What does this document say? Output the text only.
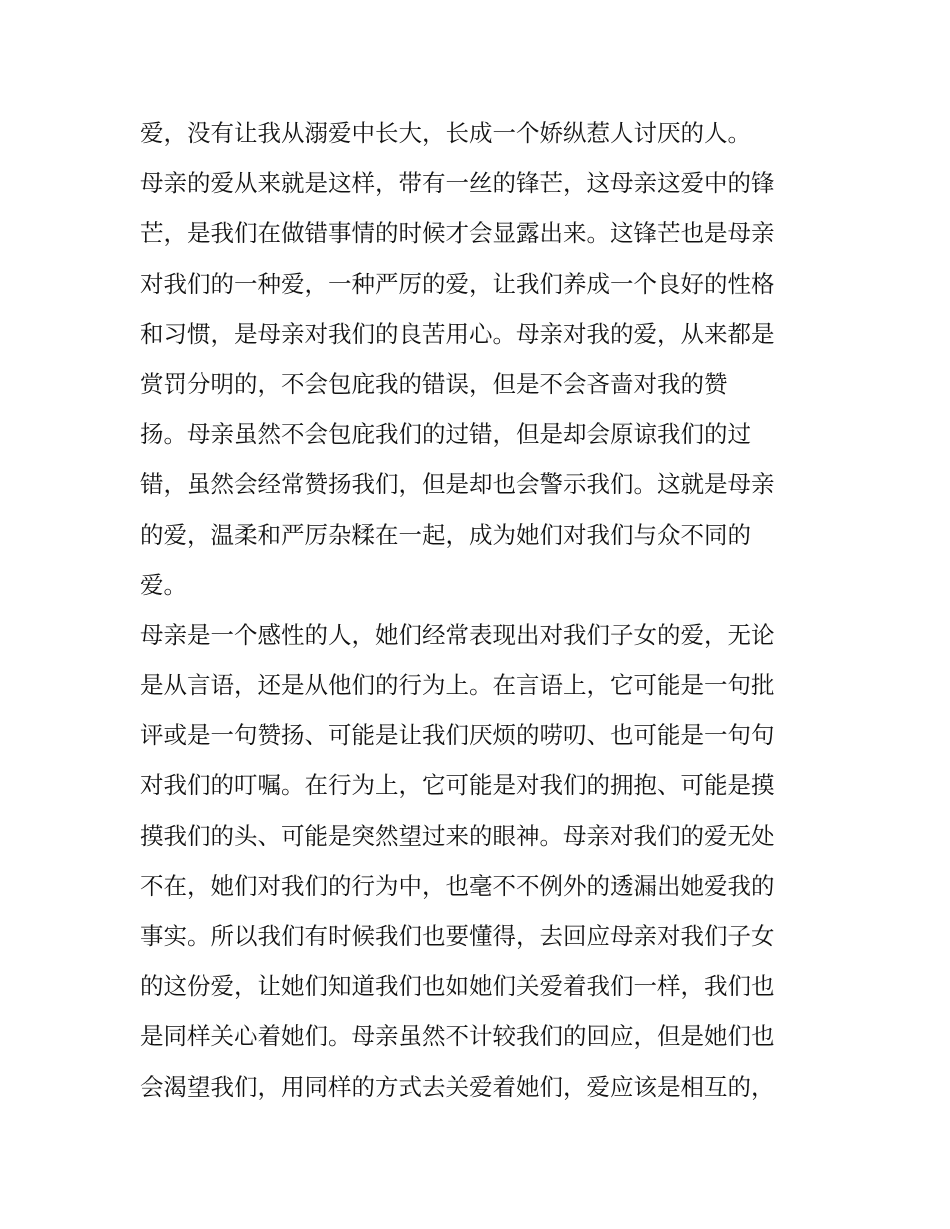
爱，没有让我从溺爱中长大，长成一个娇纵惹人讨厌的人。
母亲的爱从来就是这样，带有一丝的锋芒，这母亲这爱中的锋
芒，是我们在做错事情的时候才会显露出来。这锋芒也是母亲
对我们的一种爱，一种严厉的爱，让我们养成一个良好的性格
和习惯，是母亲对我们的良苦用心。母亲对我的爱，从来都是
赏罚分明的，不会包庇我的错误，但是不会吝啬对我的赞
扬。母亲虽然不会包庇我们的过错，但是却会原谅我们的过
错，虽然会经常赞扬我们，但是却也会警示我们。这就是母亲
的爱，温柔和严厉杂糅在一起，成为她们对我们与众不同的
爱。
母亲是一个感性的人，她们经常表现出对我们子女的爱，无论
是从言语，还是从他们的行为上。在言语上，它可能是一句批
评或是一句赞扬、可能是让我们厌烦的唠叨、也可能是一句句
对我们的叮嘱。在行为上，它可能是对我们的拥抱、可能是摸
摸我们的头、可能是突然望过来的眼神。母亲对我们的爱无处
不在，她们对我们的行为中，也毫不不例外的透漏出她爱我的
事实。所以我们有时候我们也要懂得，去回应母亲对我们子女
的这份爱，让她们知道我们也如她们关爱着我们一样，我们也
是同样关心着她们。母亲虽然不计较我们的回应，但是她们也
会渴望我们，用同样的方式去关爱着她们，爱应该是相互的，
